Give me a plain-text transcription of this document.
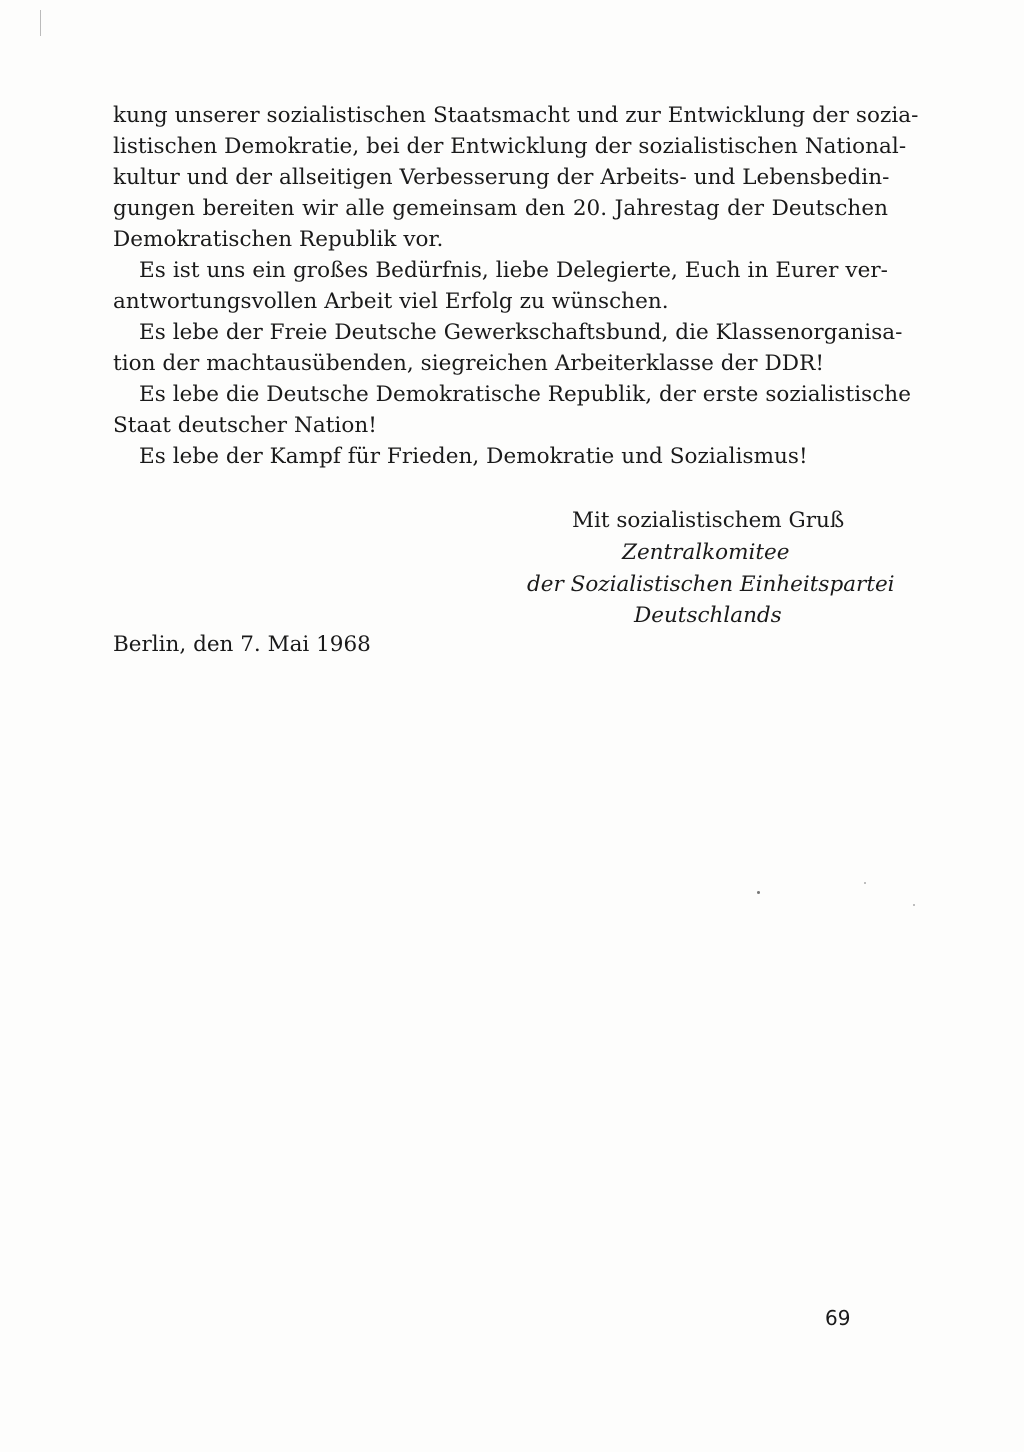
kung unserer sozialistischen Staatsmacht und zur Entwicklung der sozia-
listischen Demokratie, bei der Entwicklung der sozialistischen National-
kultur und der allseitigen Verbesserung der Arbeits- und Lebensbedin-
gungen bereiten wir alle gemeinsam den 20. Jahrestag der Deutschen
Demokratischen Republik vor.
Es ist uns ein großes Bedürfnis, liebe Delegierte, Euch in Eurer ver-
antwortungsvollen Arbeit viel Erfolg zu wünschen.
Es lebe der Freie Deutsche Gewerkschaftsbund, die Klassenorganisa-
tion der machtausübenden, siegreichen Arbeiterklasse der DDR!
Es lebe die Deutsche Demokratische Republik, der erste sozialistische
Staat deutscher Nation!
Es lebe der Kampf für Frieden, Demokratie und Sozialismus!
Mit sozialistischem Gruß
Zentralkomitee
der Sozialistischen Einheitspartei
Deutschlands
Berlin, den 7. Mai 1968
69
